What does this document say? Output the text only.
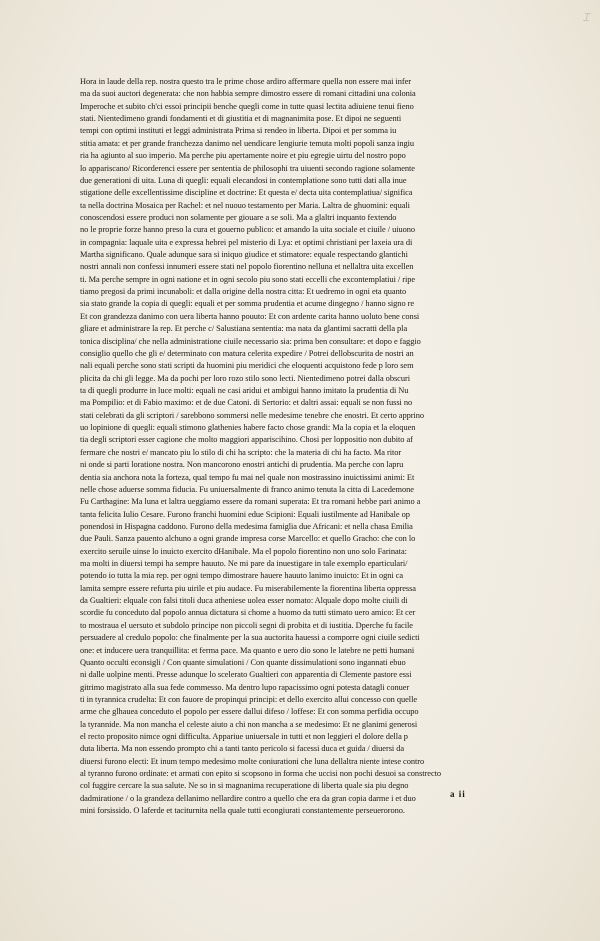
Ɪ
Hora in laude della rep. nostra questo tra le prime chose ardiro affermare quella non essere mai infer
ma da suoi auctori degenerata: che non habbia sempre dimostro essere di romani cittadini una colonia
Imperoche et subito ch'ci essoi principii benche quegli come in tutte quasi lectita adiuiene tenui fieno
stati. Nientedimeno grandi fondamenti et di giustitia et di magnanimita pose. Et dipoi ne seguenti
tempi con optimi instituti et leggi administrata Prima si rendeo in liberta. Dipoi et per somma iu
stitia amata: et per grande franchezza danimo nel uendicare lengiurie temuta molti popoli sanza ingiu
ria ha agiunto al suo imperio. Ma perche piu apertamente noire et piu egregie uirtu del nostro popo
lo appariscano/ Ricorderenci essere per sententia de philosophi tra uiuenti secondo ragione solamente
due generationi di uita. Luna di quegli: equali elecandosi in contemplatione sono tutti dati alla inue
stigatione delle excellentissime discipline et doctrine: Et questa e/ decta uita contemplatiua/ significa
ta nella doctrina Mosaica per Rachel: et nel nuouo testamento per Maria. Laltra de ghuomini: equali
conoscendosi essere produci non solamente per giouare a se soli. Ma a glaltri inquanto fextendo
no le proprie forze hanno preso la cura et gouerno publico: et amando la uita sociale et ciuile / uiuono
in compagnia: laquale uita e expressa hebrei pel misterio di Lya: et optimi christiani per laxeia ura di
Martha significano. Quale adunque sara si iniquo giudice et stimatore: equale respectando glantichi
nostri annali non confessi innumeri essere stati nel popolo fiorentino nelluna et nellaltra uita excellen
ti. Ma perche sempre in ogni natione et in ogni secolo piu sono stati eccelli che excontemplatiui / ripe
tiamo pregosi da primi incunaboli: et dalla origine della nostra citta: Et uedremo in ogni eta quanto
sia stato grande la copia di quegli: equali et per somma prudentia et acume dingegno / hanno signo re
Et con grandezza danimo con uera liberta hanno pouuto: Et con ardente carita hanno uoluto bene consi
gliare et administrare la rep. Et perche c/ Salustiana sententia: ma nata da glantimi sacratti della pla
tonica disciplina/ che nella administratione ciuile necessario sia: prima ben consultare: et dopo e faggio
consiglio quello che gli e/ determinato con matura celerita expedire / Potrei dellobscurita de nostri an
nali equali perche sono stati scripti da huomini piu meridici che eloquenti acquistono fede p loro sem
plicita da chi gli legge. Ma da pochi per loro rozo stilo sono lecti. Nientedimeno potrei dalla obscuri
ta di quegli produrre in luce molti: equali ne casi aridui et ambigui hanno imitato la prudentia di Nu
ma Pompilio: et di Fabio maximo: et de due Catoni. di Sertorio: et daltri assai: equali se non fussi no
stati celebrati da gli scriptori / sarebbono sommersi nelle medesime tenebre che enostri. Et certo apprino
uo lopinione di quegli: equali stimono glathenies habere facto chose grandi: Ma la copia et la eloquen
tia degli scriptori esser cagione che molto maggiori appariscihino. Chosi per loppositio non dubito af
fermare che nostri e/ mancato piu lo stilo di chi ha scripto: che la materia di chi ha facto. Ma ritor
ni onde si parti loratione nostra. Non mancorono enostri antichi di prudentia. Ma perche con lapru
dentia sia anchora nota la forteza, qual tempo fu mai nel quale non mostrassino inuictissimi animi: Et
nelle chose aduerse somma fiducia. Fu uniuersalmente di franco animo tenuta la citta di Lacedemone
Fu Carthagine: Ma luna et laltra ueggiamo essere da romani superata: Et tra romani hebbe pari animo a
tanta felicita Iulio Cesare. Furono franchi huomini edue Scipioni: Equali iustilmente ad Hanibale op
ponendosi in Hispagna caddono. Furono della medesima famiglia due Africani: et nella chasa Emilia
due Pauli. Sanza pauento alchuno a ogni grande impresa corse Marcello: et quello Gracho: che con lo
exercito seruile uinse lo inuicto exercito dHanibale. Ma el popolo fiorentino non uno solo Farinata:
ma molti in diuersi tempi ha sempre hauuto. Ne mi pare da inuestigare in tale exemplo eparticulari/
potendo io tutta la mia rep. per ogni tempo dimostrare hauere hauuto lanimo inuicto: Et in ogni ca
lamita sempre essere refurta piu uirile et piu audace. Fu miserabilemente la fiorentina liberta oppressa
da Gualtieri: elquale con falsi titoli duca atheniese uolea esser nomato: Alquale dopo molte ciuili di
scordie fu conceduto dal popolo annua dictatura si chome a huomo da tutti stimato uero amico: Et cer
to mostraua el uersuto et subdolo principe non piccoli segni di probita et di iustitia. Dperche fu facile
persuadere al credulo popolo: che finalmente per la sua auctorita hauessi a comporre ogni ciuile sedicti
one: et inducere uera tranquillita: et ferma pace. Ma quanto e uero dio sono le latebre ne petti humani
Quanto occulti econsigli / Con quante simulationi / Con quante dissimulationi sono ingannati ebuo
ni dalle uolpine menti. Presse adunque lo scelerato Gualtieri con apparentia di Clemente pastore essi
gitrimo magistrato alla sua fede commesso. Ma dentro lupo rapacissimo ogni potesta datagli conuer
ti in tyrannica crudelta: Et con fauore de propinqui principi: et dello exercito allui concesso con quelle
arme che glhaueа conceduto el popolo per essere dallui difeso / loffese: Et con somma perfidia occupo
la tyrannide. Ma non mancha el celeste aiuto a chi non mancha a se medesimo: Et ne glanimi generosi
el recto proposito nimce ogni difficulta. Appariue uniuersale in tutti et non leggieri el dolore della p
duta liberta. Ma non essendo prompto chi a tanti tanto pericolo si facessi duca et guida / diuersi da
diuersi furono electi: Et inum tempo medesimo molte coniurationi che luna dellaltra niente intese contro
al tyranno furono ordinate: et armati con epito si scopsono in forma che uccisi non pochi desuoi sa constrecto
col fuggire cercare la sua salute. Ne so in si magnanima recuperatione di liberta quale sia piu degno
dadmiratione / o la grandeza dellanimo nellardire contro a quello che era da gran copia darme i et duo
mini forsissido. O laferde et taciturnita nella quale tutti econgiurati constantemente perseuerorono.
a ii
